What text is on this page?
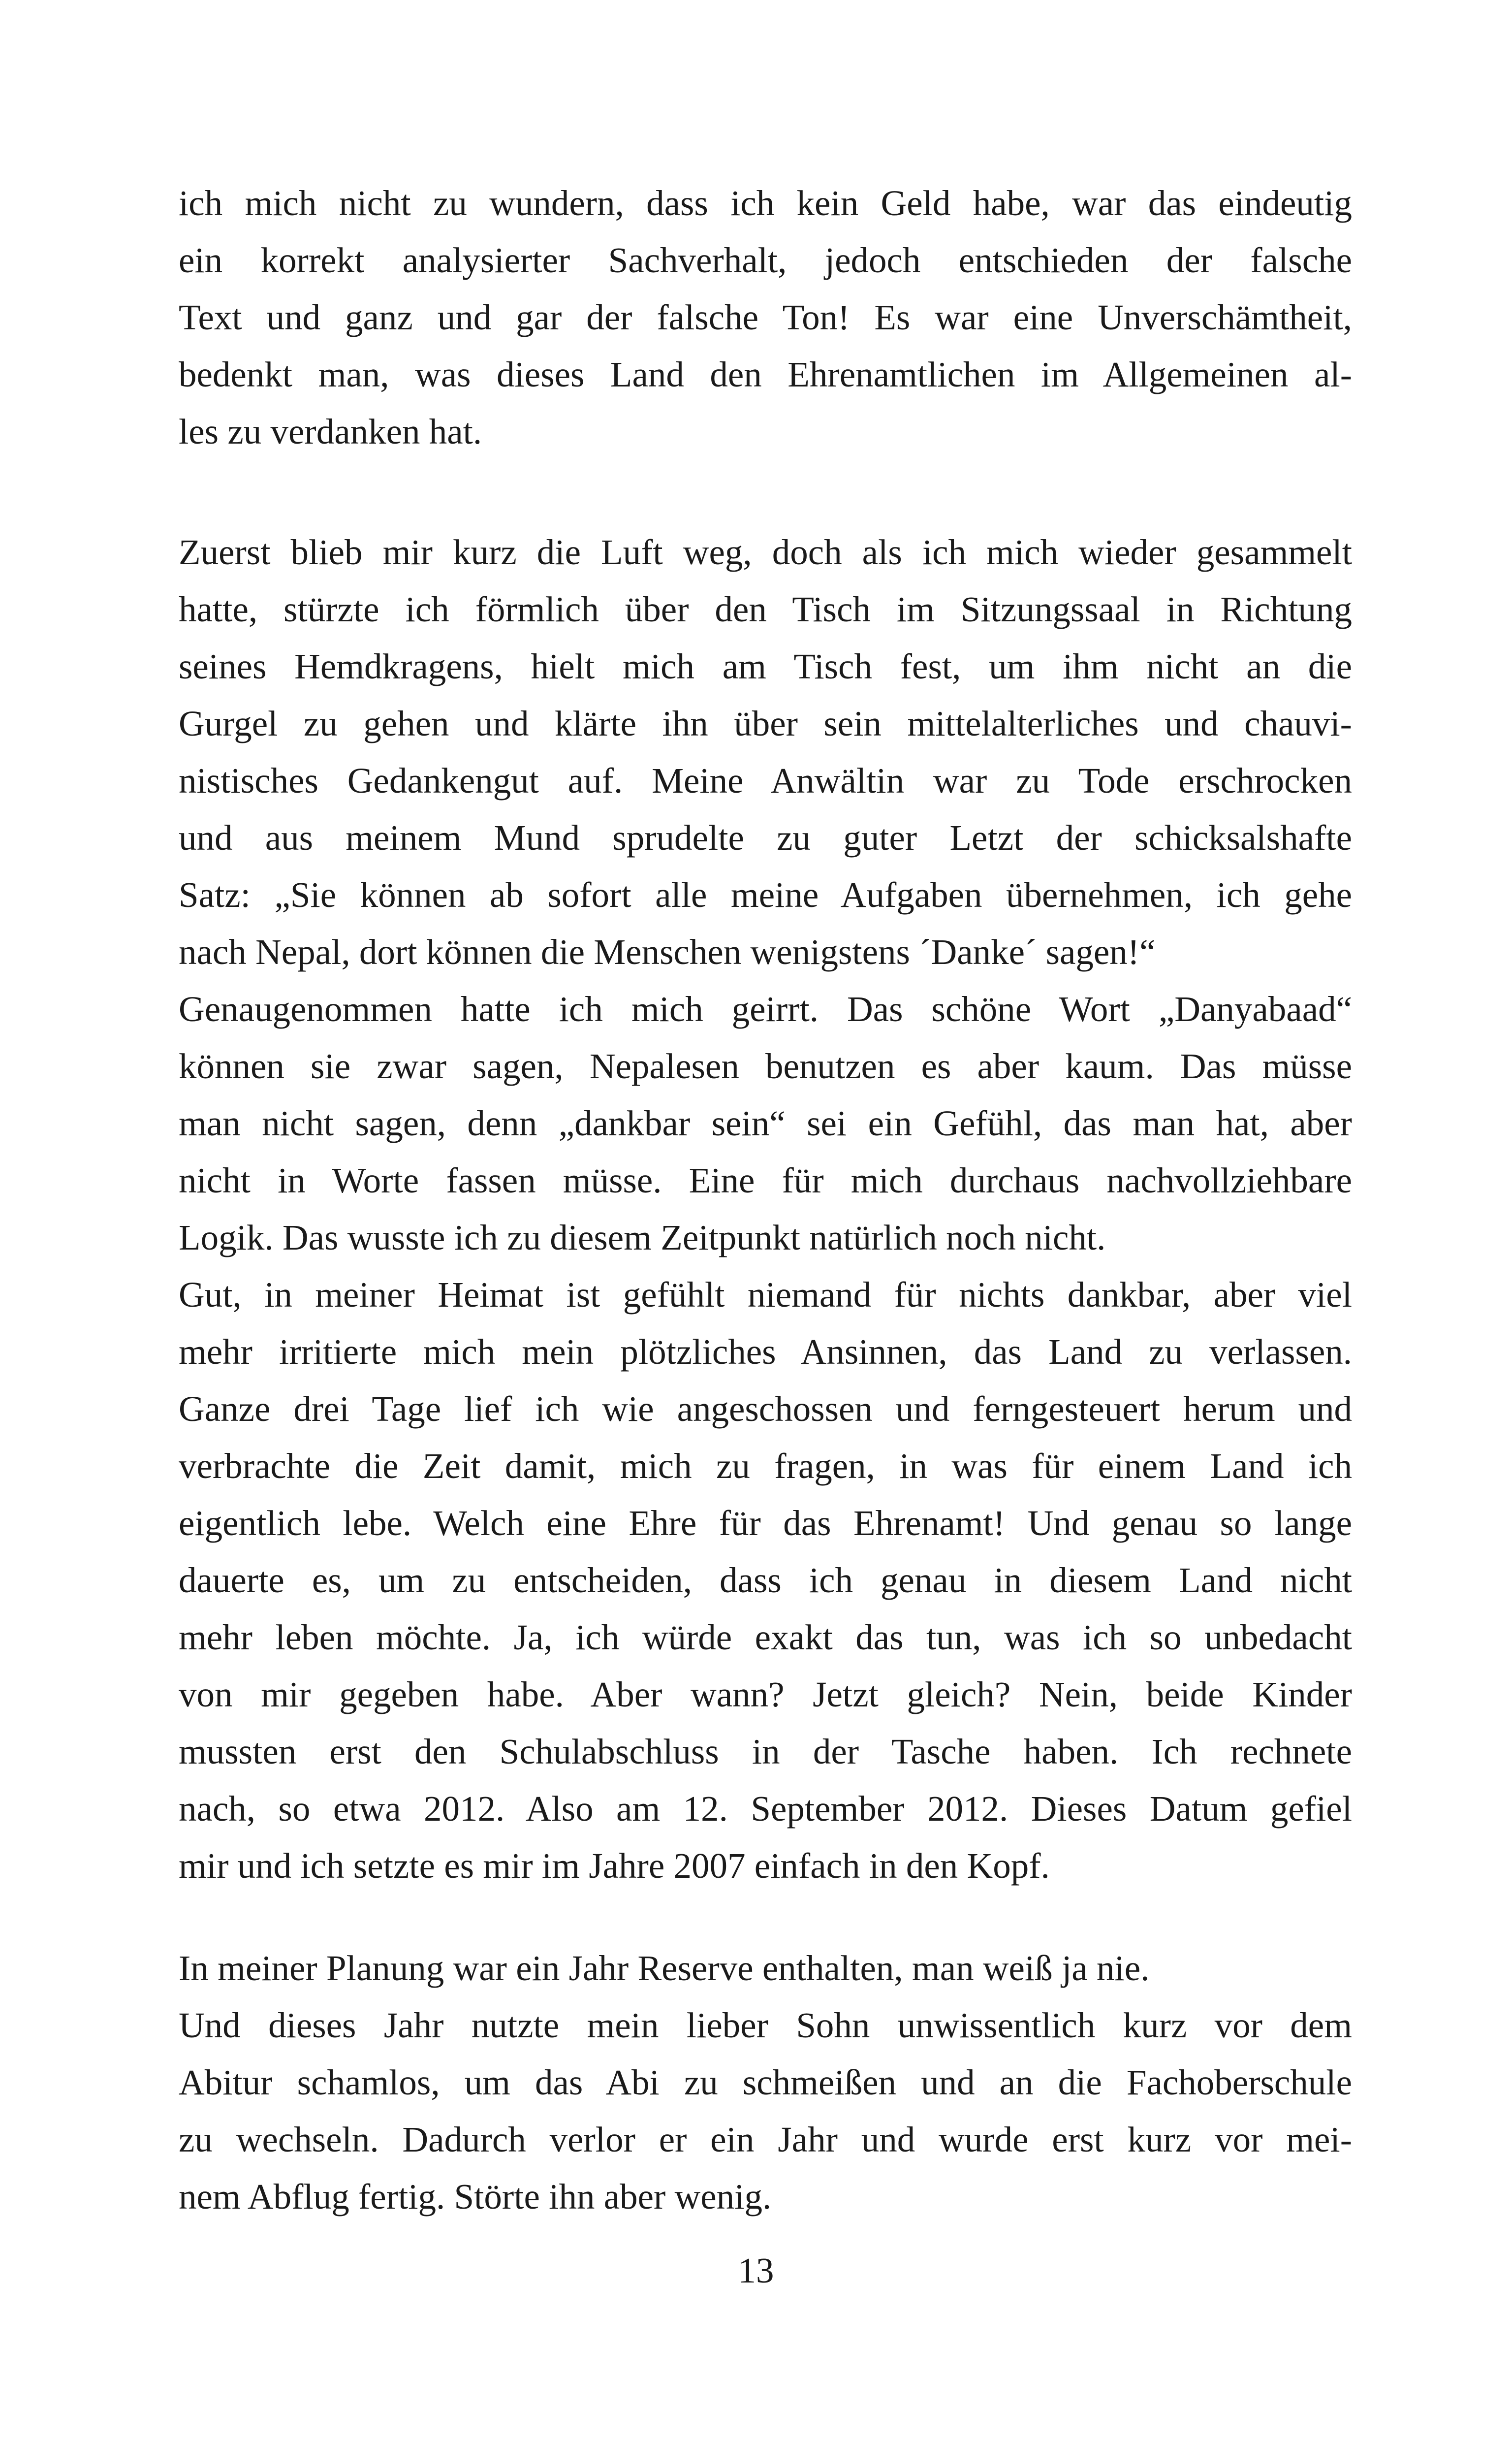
ich mich nicht zu wundern, dass ich kein Geld habe, war das eindeutig
ein korrekt analysierter Sachverhalt, jedoch entschieden der falsche
Text und ganz und gar der falsche Ton! Es war eine Unverschämtheit,
bedenkt man, was dieses Land den Ehrenamtlichen im Allgemeinen al-
les zu verdanken hat.
Zuerst blieb mir kurz die Luft weg, doch als ich mich wieder gesammelt
hatte, stürzte ich förmlich über den Tisch im Sitzungssaal in Richtung
seines Hemdkragens, hielt mich am Tisch fest, um ihm nicht an die
Gurgel zu gehen und klärte ihn über sein mittelalterliches und chauvi-
nistisches Gedankengut auf. Meine Anwältin war zu Tode erschrocken
und aus meinem Mund sprudelte zu guter Letzt der schicksalshafte
Satz: „Sie können ab sofort alle meine Aufgaben übernehmen, ich gehe
nach Nepal, dort können die Menschen wenigstens ´Danke´ sagen!“
Genaugenommen hatte ich mich geirrt. Das schöne Wort „Danyabaad“
können sie zwar sagen, Nepalesen benutzen es aber kaum. Das müsse
man nicht sagen, denn „dankbar sein“ sei ein Gefühl, das man hat, aber
nicht in Worte fassen müsse. Eine für mich durchaus nachvollziehbare
Logik. Das wusste ich zu diesem Zeitpunkt natürlich noch nicht.
Gut, in meiner Heimat ist gefühlt niemand für nichts dankbar, aber viel
mehr irritierte mich mein plötzliches Ansinnen, das Land zu verlassen.
Ganze drei Tage lief ich wie angeschossen und ferngesteuert herum und
verbrachte die Zeit damit, mich zu fragen, in was für einem Land ich
eigentlich lebe. Welch eine Ehre für das Ehrenamt! Und genau so lange
dauerte es, um zu entscheiden, dass ich genau in diesem Land nicht
mehr leben möchte. Ja, ich würde exakt das tun, was ich so unbedacht
von mir gegeben habe. Aber wann? Jetzt gleich? Nein, beide Kinder
mussten erst den Schulabschluss in der Tasche haben. Ich rechnete
nach, so etwa 2012. Also am 12. September 2012. Dieses Datum gefiel
mir und ich setzte es mir im Jahre 2007 einfach in den Kopf.
In meiner Planung war ein Jahr Reserve enthalten, man weiß ja nie.
Und dieses Jahr nutzte mein lieber Sohn unwissentlich kurz vor dem
Abitur schamlos, um das Abi zu schmeißen und an die Fachoberschule
zu wechseln. Dadurch verlor er ein Jahr und wurde erst kurz vor mei-
nem Abflug fertig. Störte ihn aber wenig.
13
